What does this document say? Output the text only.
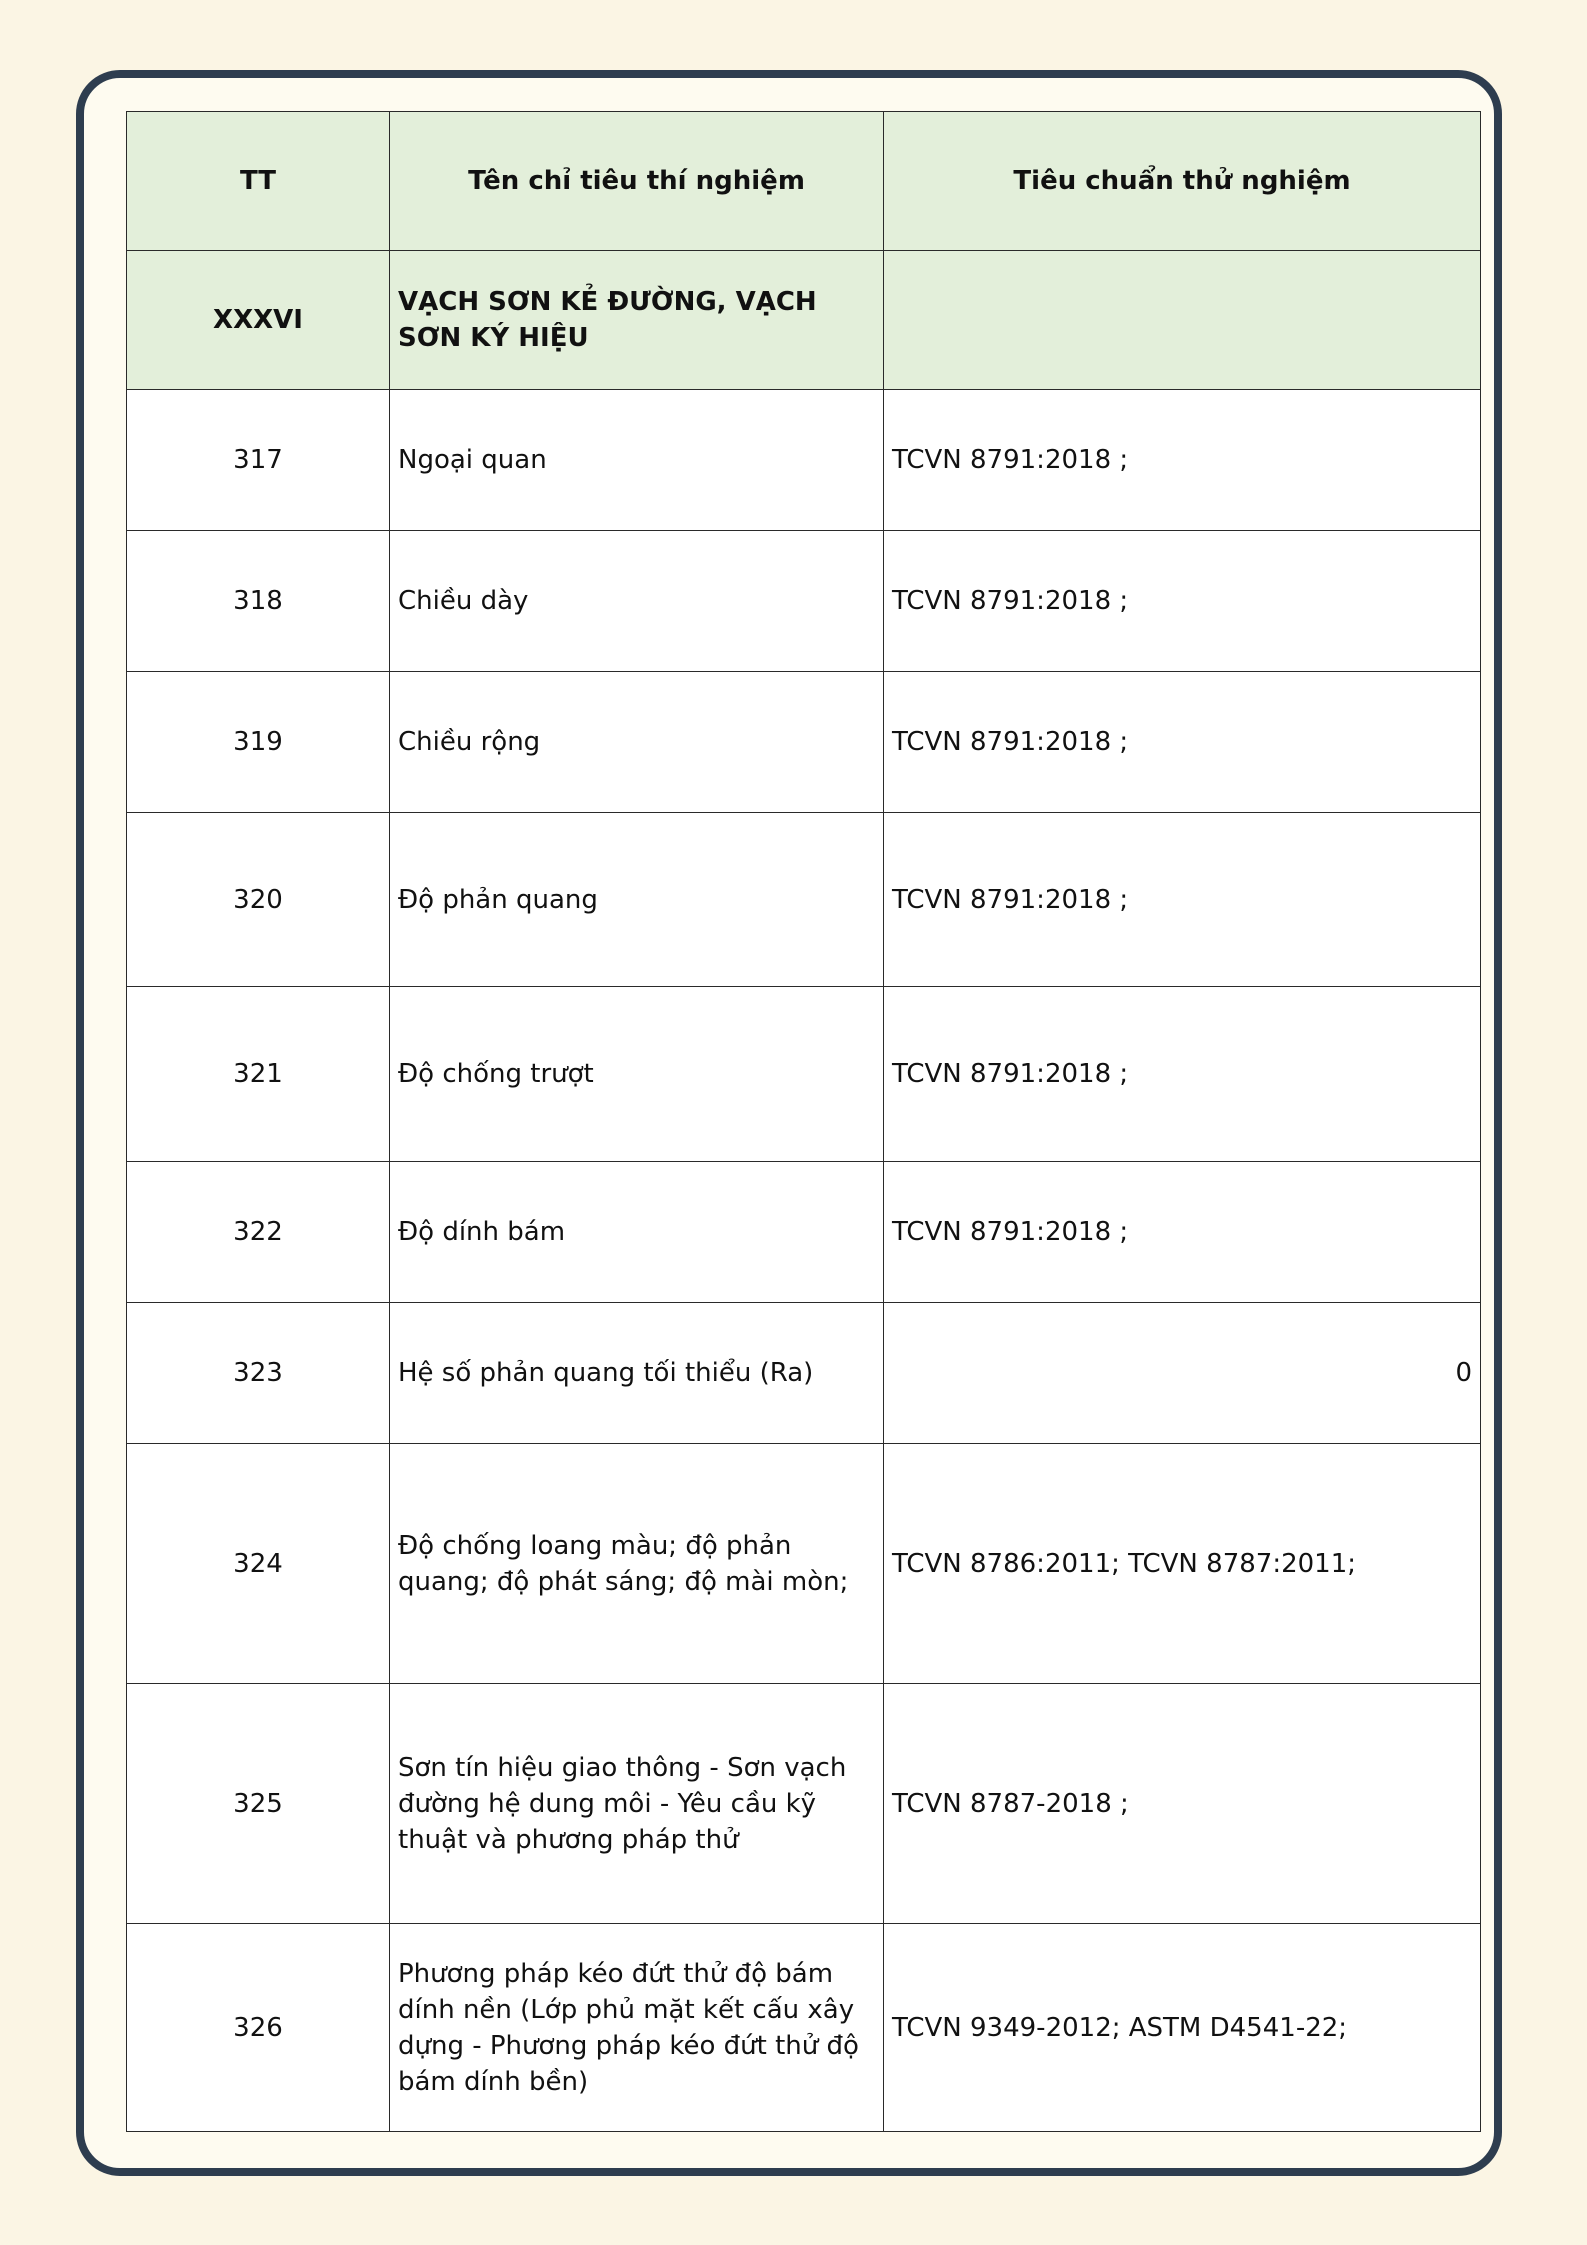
TT	Tên chỉ tiêu thí nghiệm	Tiêu chuẩn thử nghiệm
XXXVI	VẠCH SƠN KẺ ĐƯỜNG, VẠCH SƠN KÝ HIỆU	
317	Ngoại quan	TCVN 8791:2018 ;
318	Chiều dày	TCVN 8791:2018 ;
319	Chiều rộng	TCVN 8791:2018 ;
320	Độ phản quang	TCVN 8791:2018 ;
321	Độ chống trượt	TCVN 8791:2018 ;
322	Độ dính bám	TCVN 8791:2018 ;
323	Hệ số phản quang tối thiểu (Ra)	0
324	Độ chống loang màu; độ phản quang; độ phát sáng; độ mài mòn;	TCVN 8786:2011; TCVN 8787:2011;
325	Sơn tín hiệu giao thông - Sơn vạch đường hệ dung môi - Yêu cầu kỹ thuật và phương pháp thử	TCVN 8787-2018 ;
326	Phương pháp kéo đứt thử độ bám dính nền (Lớp phủ mặt kết cấu xây dựng - Phương pháp kéo đứt thử độ bám dính bền)	TCVN 9349-2012; ASTM D4541-22;
